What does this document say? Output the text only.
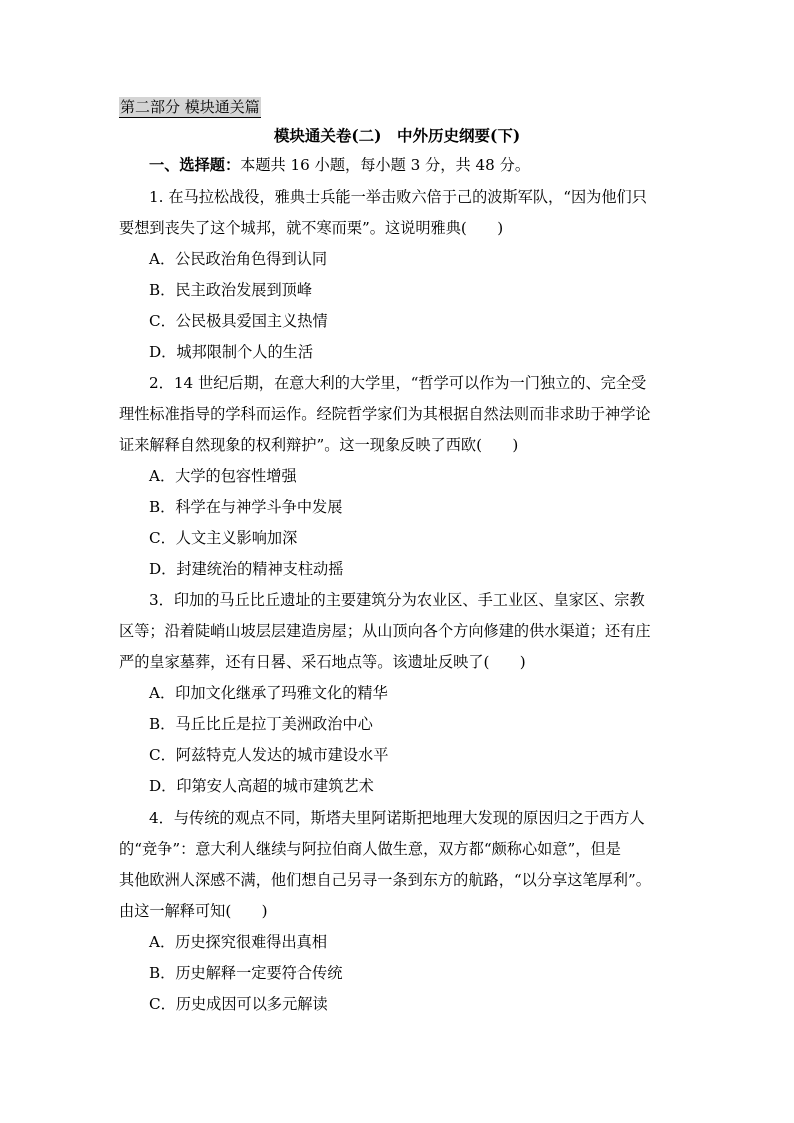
第二部分 模块通关篇
模块通关卷(二)　中外历史纲要(下)
一、选择题：本题共 16 小题，每小题 3 分，共 48 分。
1. 在马拉松战役，雅典士兵能一举击败六倍于己的波斯军队，“因为他们只
要想到丧失了这个城邦，就不寒而栗”。这说明雅典(　　)
A．公民政治角色得到认同
B．民主政治发展到顶峰
C．公民极具爱国主义热情
D．城邦限制个人的生活
2．14 世纪后期，在意大利的大学里，“哲学可以作为一门独立的、完全受
理性标准指导的学科而运作。经院哲学家们为其根据自然法则而非求助于神学论
证来解释自然现象的权利辩护”。这一现象反映了西欧(　　)
A．大学的包容性增强
B．科学在与神学斗争中发展
C．人文主义影响加深
D．封建统治的精神支柱动摇
3．印加的马丘比丘遗址的主要建筑分为农业区、手工业区、皇家区、宗教
区等；沿着陡峭山坡层层建造房屋；从山顶向各个方向修建的供水渠道；还有庄
严的皇家墓葬，还有日晷、采石地点等。该遗址反映了(　　)
A．印加文化继承了玛雅文化的精华
B．马丘比丘是拉丁美洲政治中心
C．阿兹特克人发达的城市建设水平
D．印第安人高超的城市建筑艺术
4．与传统的观点不同，斯塔夫里阿诺斯把地理大发现的原因归之于西方人
的“竞争”：意大利人继续与阿拉伯商人做生意，双方都“颇称心如意”，但是
其他欧洲人深感不满，他们想自己另寻一条到东方的航路，“以分享这笔厚利”。
由这一解释可知(　　)
A．历史探究很难得出真相
B．历史解释一定要符合传统
C．历史成因可以多元解读
